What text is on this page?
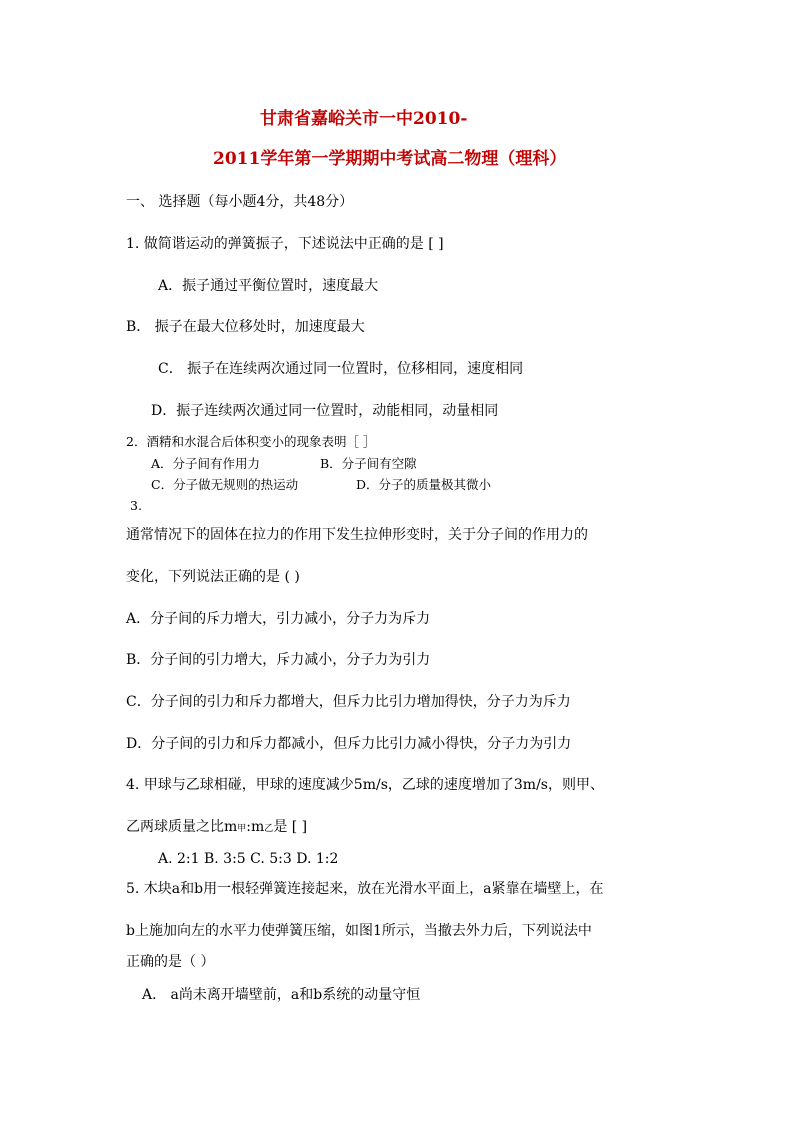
甘肃省嘉峪关市一中2010-
2011学年第一学期期中考试高二物理（理科）
一、 选择题（每小题4分，共48分）
1. 做简谐运动的弹簧振子，下述说法中正确的是 [ ]
A．振子通过平衡位置时，速度最大
B． 振子在最大位移处时，加速度最大
C． 振子在连续两次通过同一位置时，位移相同，速度相同
D．振子连续两次通过同一位置时，动能相同，动量相同
2．酒精和水混合后体积变小的现象表明［ ］
A．分子间有作用力	B．分子间有空隙
C．分子做无规则的热运动	D．分子的质量极其微小
3.
通常情况下的固体在拉力的作用下发生拉伸形变时，关于分子间的作用力的
变化，下列说法正确的是 ( )
A．分子间的斥力增大，引力减小，分子力为斥力
B．分子间的引力增大，斥力减小，分子力为引力
C．分子间的引力和斥力都增大，但斥力比引力增加得快，分子力为斥力
D．分子间的引力和斥力都减小，但斥力比引力减小得快，分子力为引力
4. 甲球与乙球相碰，甲球的速度减少5m/s，乙球的速度增加了3m/s，则甲、
乙两球质量之比m甲:m乙是 [ ]
A. 2:1 B. 3:5 C. 5:3 D. 1:2
5. 木块a和b用一根轻弹簧连接起来，放在光滑水平面上，a紧靠在墙壁上，在
b上施加向左的水平力使弹簧压缩，如图1所示，当撤去外力后，下列说法中
正确的是（ ）
A． a尚未离开墙壁前，a和b系统的动量守恒
